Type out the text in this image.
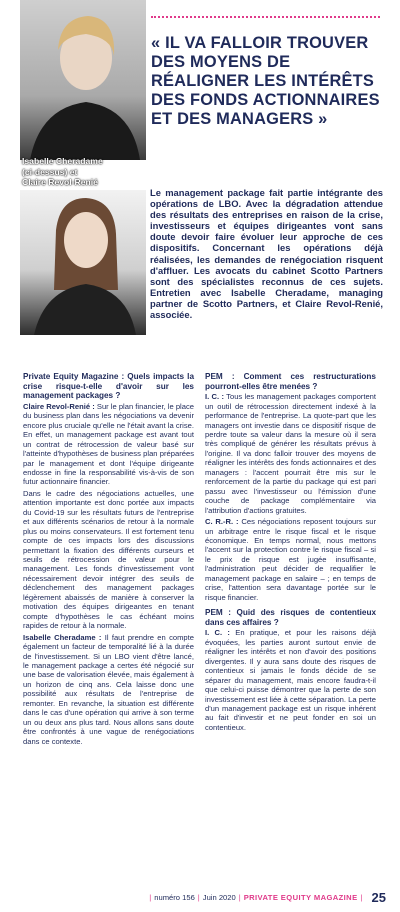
Isabelle Cheradame
(ci-dessus) et
Claire Revol-Renié
« IL VA FALLOIR TROUVER DES MOYENS DE RÉALIGNER LES INTÉRÊTS DES FONDS ACTIONNAIRES ET DES MANAGERS »

Le management package fait partie intégrante des opérations de LBO. Avec la dégradation attendue des résultats des entreprises en raison de la crise, investisseurs et équipes dirigeantes vont sans doute devoir faire évoluer leur approche de ces dispositifs. Concernant les opérations déjà réalisées, les demandes de renégociation risquent d'affluer. Les avocats du cabinet Scotto Partners sont des spécialistes reconnus de ces sujets. Entretien avec Isabelle Cheradame, managing partner de Scotto Partners, et Claire Revol-Renié, associée.

Private Equity Magazine : Quels impacts la crise risque-t-elle d'avoir sur les management packages ?

Claire Revol-Renié : Sur le plan financier, le place du business plan dans les négociations va devenir encore plus cruciale qu'elle ne l'était avant la crise. En effet, un management package est avant tout un contrat de rétrocession de valeur basé sur l'atteinte d'hypothèses de business plan préparées par le management et dont l'équipe dirigeante endosse in fine la responsabilité vis-à-vis de son futur actionnaire financier.

Dans le cadre des négociations actuelles, une attention importante est donc portée aux impacts du Covid-19 sur les résultats futurs de l'entreprise et aux différents scénarios de retour à la normale plus ou moins conservateurs. Il est fortement tenu compte de ces impacts lors des discussions permettant la fixation des différents curseurs et seuils de rétrocession de valeur pour le management. Les fonds d'investissement vont nécessairement devoir intégrer des seuils de déclenchement des management packages légèrement abaissés de manière à conserver la motivation des équipes dirigeantes en tenant compte d'hypothèses le cas échéant moins rapides de retour à la normale.

Isabelle Cheradame : Il faut prendre en compte également un facteur de temporalité lié à la durée de l'investissement. Si un LBO vient d'être lancé, le management package a certes été négocié sur une base de valorisation élevée, mais également à un horizon de cinq ans. Cela laisse donc une possibilité aux résultats de l'entreprise de remonter. En revanche, la situation est différente dans le cas d'une opération qui arrive à son terme un ou deux ans plus tard. Nous allons sans doute être confrontés à une vague de renégociations dans ce contexte.

PEM : Comment ces restructurations pourront-elles être menées ?

I. C. : Tous les management packages comportent un outil de rétrocession directement indexé à la performance de l'entreprise. La quote-part que les managers ont investie dans ce dispositif risque de perdre toute sa valeur dans la mesure où il sera très compliqué de générer les résultats prévus à l'origine. Il va donc falloir trouver des moyens de réaligner les intérêts des fonds actionnaires et des managers : l'accent pourrait être mis sur le renforcement de la partie du package qui est pari passu avec l'investisseur ou l'émission d'une couche de package complémentaire via l'attribution d'actions gratuites.

C. R.-R. : Ces négociations reposent toujours sur un arbitrage entre le risque fiscal et le risque économique. En temps normal, nous mettons l'accent sur la protection contre le risque fiscal – si le prix de risque est jugée insuffisante, l'administration peut décider de requalifier le management package en salaire – ; en temps de crise, l'attention sera davantage portée sur le risque financier.

PEM : Quid des risques de contentieux dans ces affaires ?

I. C. : En pratique, et pour les raisons déjà évoquées, les parties auront surtout envie de réaligner les intérêts et non d'avoir des positions divergentes. Il y aura sans doute des risques de contentieux si jamais le fonds décide de se séparer du management, mais encore faudra-t-il que celui-ci puisse démontrer que la perte de son investissement est liée à cette séparation. La perte d'un management package est un risque inhérent au fait d'investir et ne peut fonder en soi un contentieux.

| numéro 156 | Juin 2020 | PRIVATE EQUITY MAGAZINE | 25
